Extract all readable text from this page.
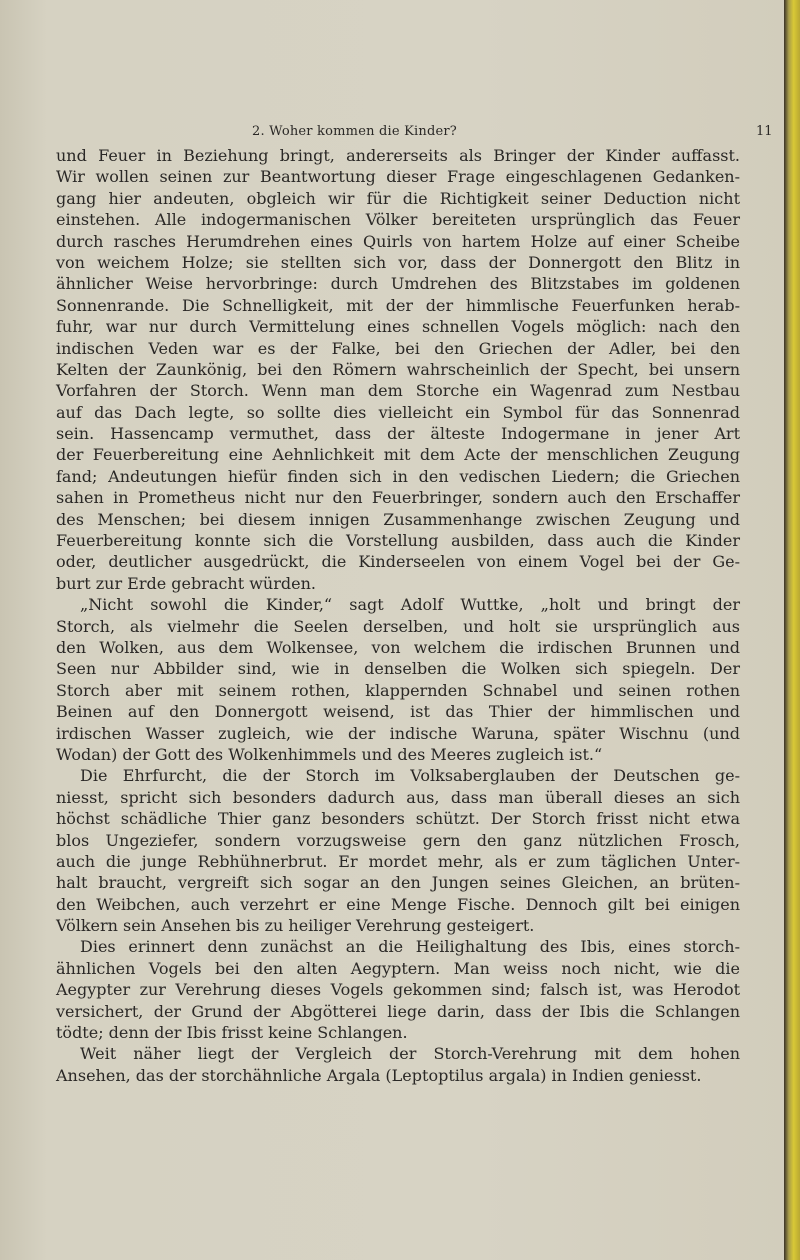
2. Woher kommen die Kinder?	11
und Feuer in Beziehung bringt, andererseits als Bringer der Kinder auffasst.
Wir wollen seinen zur Beantwortung dieser Frage eingeschlagenen Gedanken-
gang hier andeuten, obgleich wir für die Richtigkeit seiner Deduction nicht
einstehen. Alle indogermanischen Völker bereiteten ursprünglich das Feuer
durch rasches Herumdrehen eines Quirls von hartem Holze auf einer Scheibe
von weichem Holze; sie stellten sich vor, dass der Donnergott den Blitz in
ähnlicher Weise hervorbringe: durch Umdrehen des Blitzstabes im goldenen
Sonnenrande. Die Schnelligkeit, mit der der himmlische Feuerfunken herab-
fuhr, war nur durch Vermittelung eines schnellen Vogels möglich: nach den
indischen Veden war es der Falke, bei den Griechen der Adler, bei den
Kelten der Zaunkönig, bei den Römern wahrscheinlich der Specht, bei unsern
Vorfahren der Storch. Wenn man dem Storche ein Wagenrad zum Nestbau
auf das Dach legte, so sollte dies vielleicht ein Symbol für das Sonnenrad
sein. Hassencamp vermuthet, dass der älteste Indogermane in jener Art
der Feuerbereitung eine Aehnlichkeit mit dem Acte der menschlichen Zeugung
fand; Andeutungen hiefür finden sich in den vedischen Liedern; die Griechen
sahen in Prometheus nicht nur den Feuerbringer, sondern auch den Erschaffer
des Menschen; bei diesem innigen Zusammenhange zwischen Zeugung und
Feuerbereitung konnte sich die Vorstellung ausbilden, dass auch die Kinder
oder, deutlicher ausgedrückt, die Kinderseelen von einem Vogel bei der Ge-
burt zur Erde gebracht würden.
„Nicht sowohl die Kinder,“ sagt Adolf Wuttke, „holt und bringt der
Storch, als vielmehr die Seelen derselben, und holt sie ursprünglich aus
den Wolken, aus dem Wolkensee, von welchem die irdischen Brunnen und
Seen nur Abbilder sind, wie in denselben die Wolken sich spiegeln. Der
Storch aber mit seinem rothen, klappernden Schnabel und seinen rothen
Beinen auf den Donnergott weisend, ist das Thier der himmlischen und
irdischen Wasser zugleich, wie der indische Waruna, später Wischnu (und
Wodan) der Gott des Wolkenhimmels und des Meeres zugleich ist.“
Die Ehrfurcht, die der Storch im Volksaberglauben der Deutschen ge-
niesst, spricht sich besonders dadurch aus, dass man überall dieses an sich
höchst schädliche Thier ganz besonders schützt. Der Storch frisst nicht etwa
blos Ungeziefer, sondern vorzugsweise gern den ganz nützlichen Frosch,
auch die junge Rebhühnerbrut. Er mordet mehr, als er zum täglichen Unter-
halt braucht, vergreift sich sogar an den Jungen seines Gleichen, an brüten-
den Weibchen, auch verzehrt er eine Menge Fische. Dennoch gilt bei einigen
Völkern sein Ansehen bis zu heiliger Verehrung gesteigert.
Dies erinnert denn zunächst an die Heilighaltung des Ibis, eines storch-
ähnlichen Vogels bei den alten Aegyptern. Man weiss noch nicht, wie die
Aegypter zur Verehrung dieses Vogels gekommen sind; falsch ist, was Herodot
versichert, der Grund der Abgötterei liege darin, dass der Ibis die Schlangen
tödte; denn der Ibis frisst keine Schlangen.
Weit näher liegt der Vergleich der Storch-Verehrung mit dem hohen
Ansehen, das der storchähnliche Argala (Leptoptilus argala) in Indien geniesst.
